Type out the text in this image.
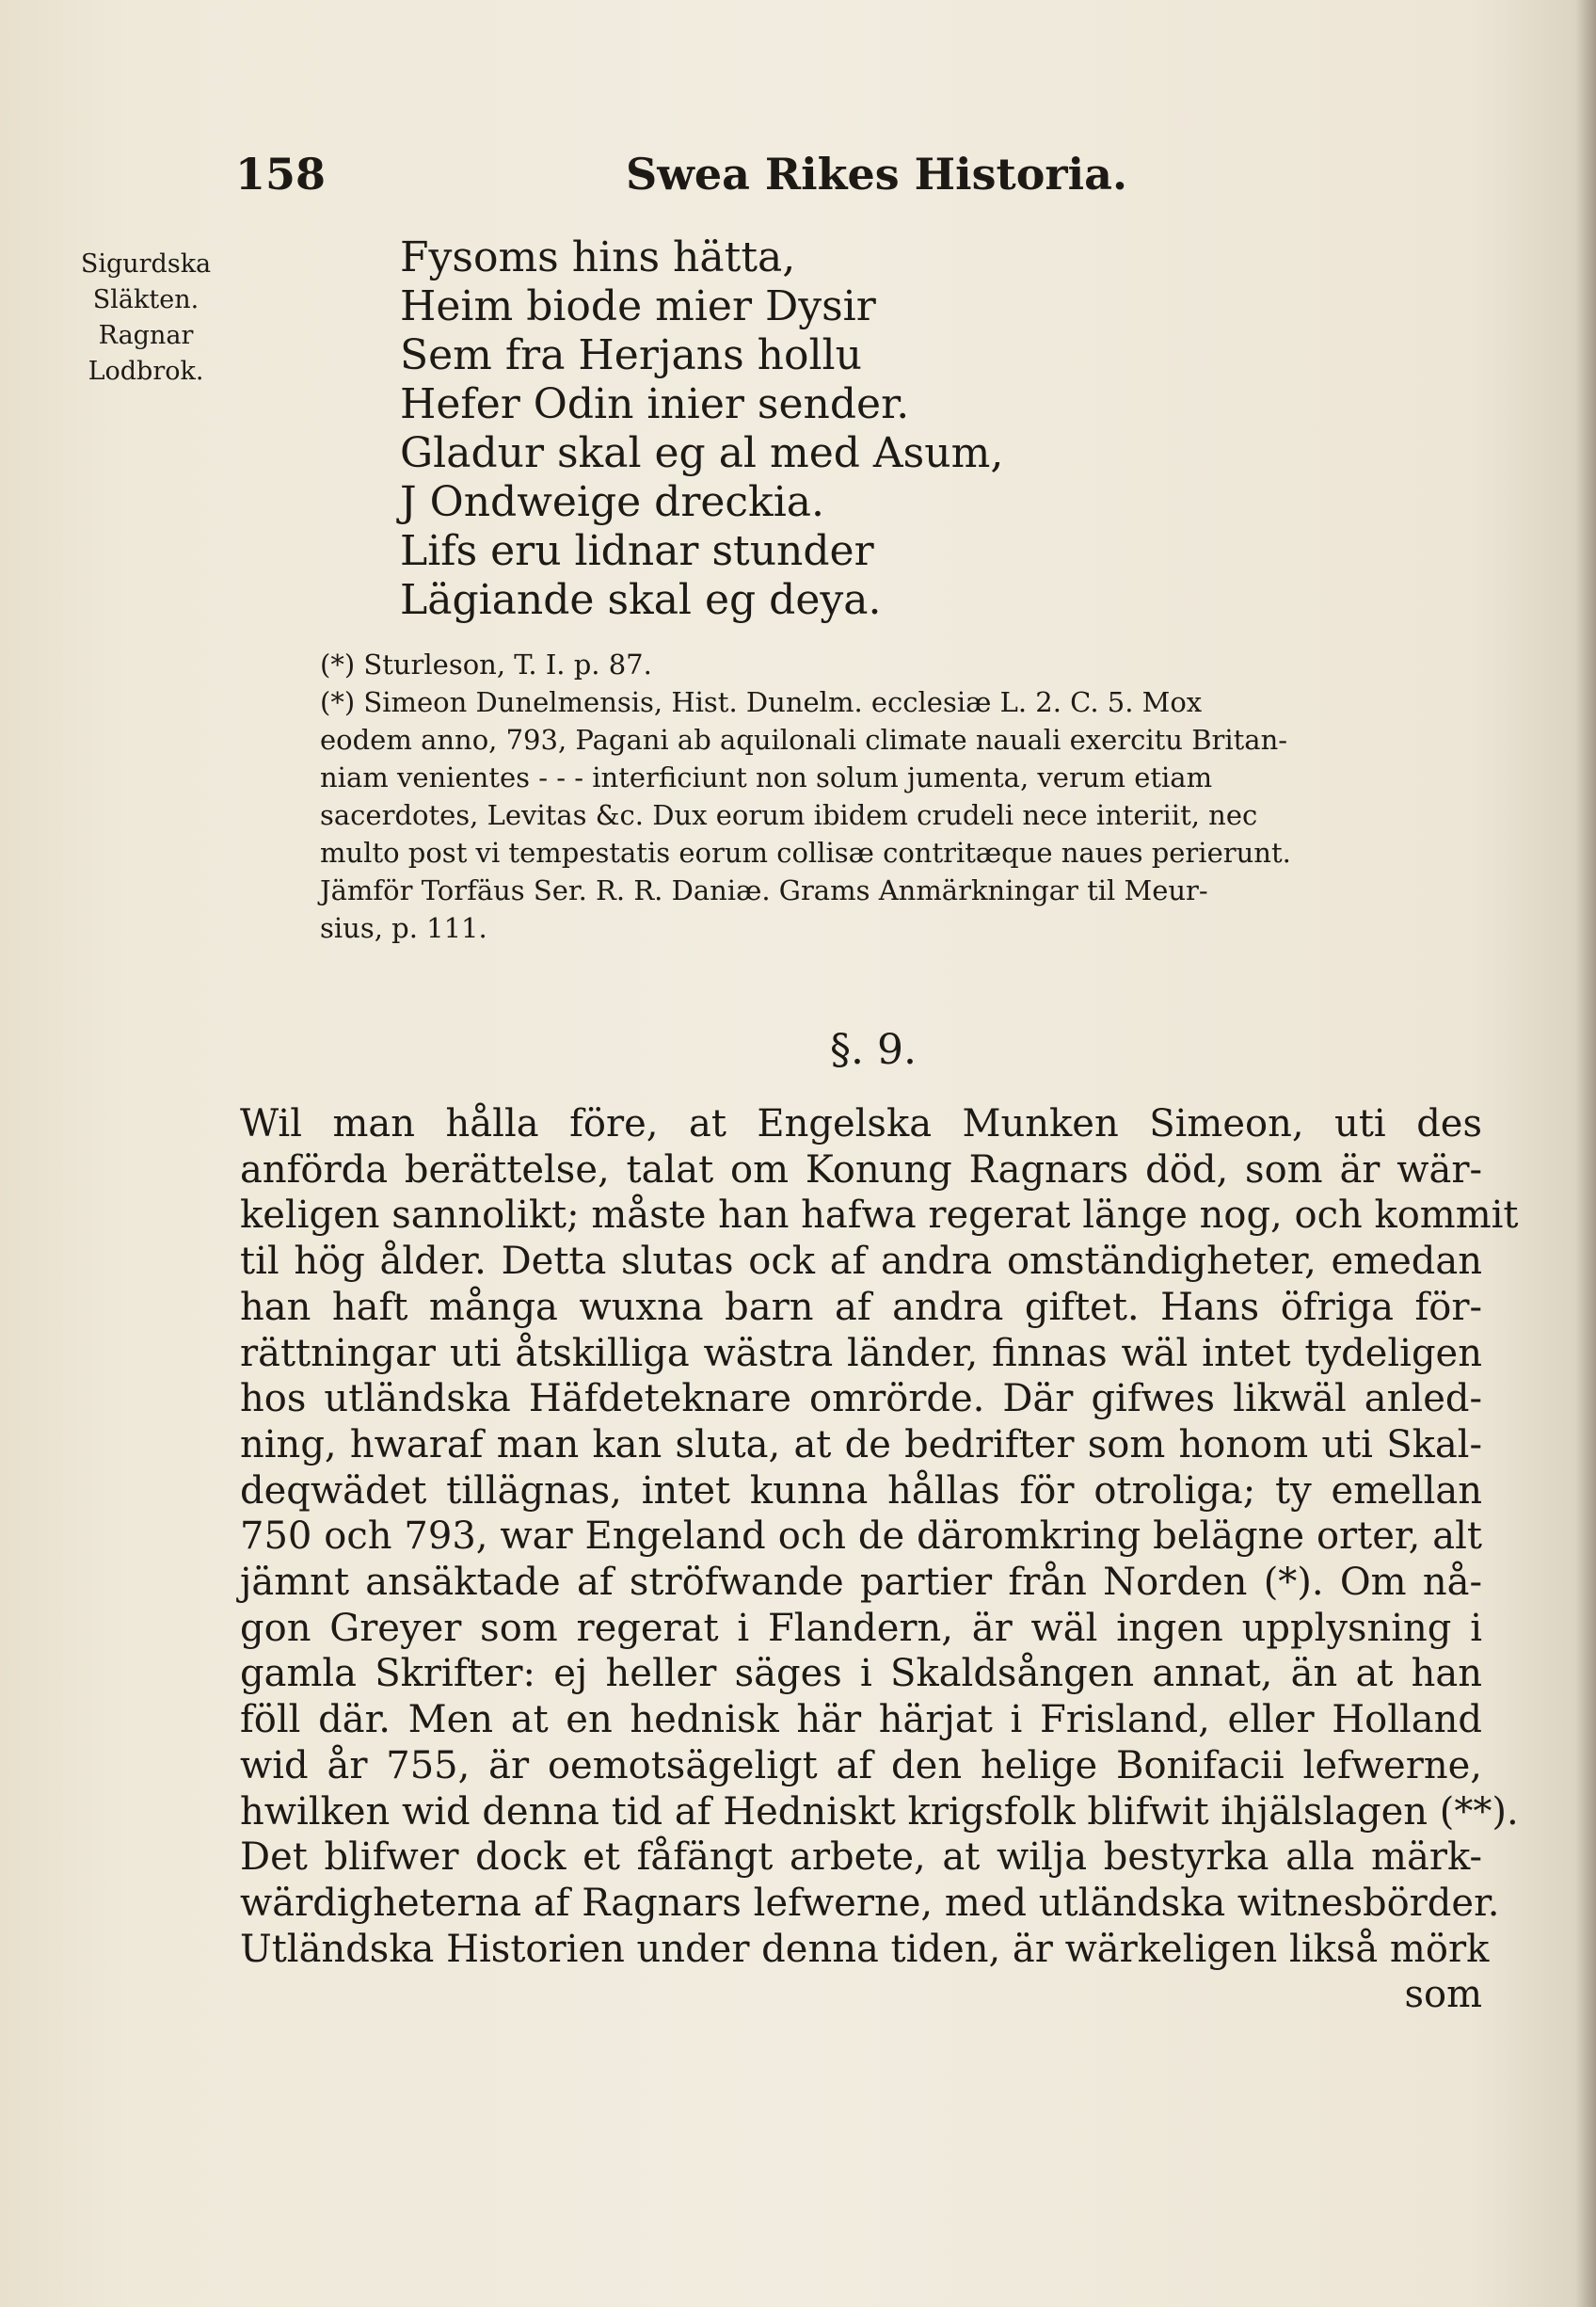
158	Swea Rikes Historia.
Sigurdska
Släkten.
Ragnar
Lodbrok.
Fysoms hins hätta,
Heim biode mier Dysir
Sem fra Herjans hollu
Hefer Odin inier sender.
Gladur skal eg al med Asum,
J Ondweige dreckia.
Lifs eru lidnar stunder
Lägiande skal eg deya.
(*) Sturleson, T. I. p. 87.
(*) Simeon Dunelmensis, Hist. Dunelm. ecclesiæ L. 2. C. 5. Mox
eodem anno, 793, Pagani ab aquilonali climate nauali exercitu Britan-
niam venientes - - - interficiunt non solum jumenta, verum etiam
sacerdotes, Levitas &c. Dux eorum ibidem crudeli nece interiit, nec
multo post vi tempestatis eorum collisæ contritæque naues perierunt.
Jämför Torfäus Ser. R. R. Daniæ. Grams Anmärkningar til Meur-
sius, p. 111.
§. 9.
Wil man hålla före, at Engelska Munken Simeon, uti des
anförda berättelse, talat om Konung Ragnars död, som är wär-
keligen sannolikt; måste han hafwa regerat länge nog, och kommit
til hög ålder. Detta slutas ock af andra omständigheter, emedan
han haft många wuxna barn af andra giftet. Hans öfriga för-
rättningar uti åtskilliga wästra länder, finnas wäl intet tydeligen
hos utländska Häfdeteknare omrörde. Där gifwes likwäl anled-
ning, hwaraf man kan sluta, at de bedrifter som honom uti Skal-
deqwädet tillägnas, intet kunna hållas för otroliga; ty emellan
750 och 793, war Engeland och de däromkring belägne orter, alt
jämnt ansäktade af ströfwande partier från Norden (*). Om nå-
gon Greyer som regerat i Flandern, är wäl ingen upplysning i
gamla Skrifter: ej heller säges i Skaldsången annat, än at han
föll där. Men at en hednisk här härjat i Frisland, eller Holland
wid år 755, är oemotsägeligt af den helige Bonifacii lefwerne,
hwilken wid denna tid af Hedniskt krigsfolk blifwit ihjälslagen (**).
Det blifwer dock et fåfängt arbete, at wilja bestyrka alla märk-
wärdigheterna af Ragnars lefwerne, med utländska witnesbörder.
Utländska Historien under denna tiden, är wärkeligen likså mörk
som
